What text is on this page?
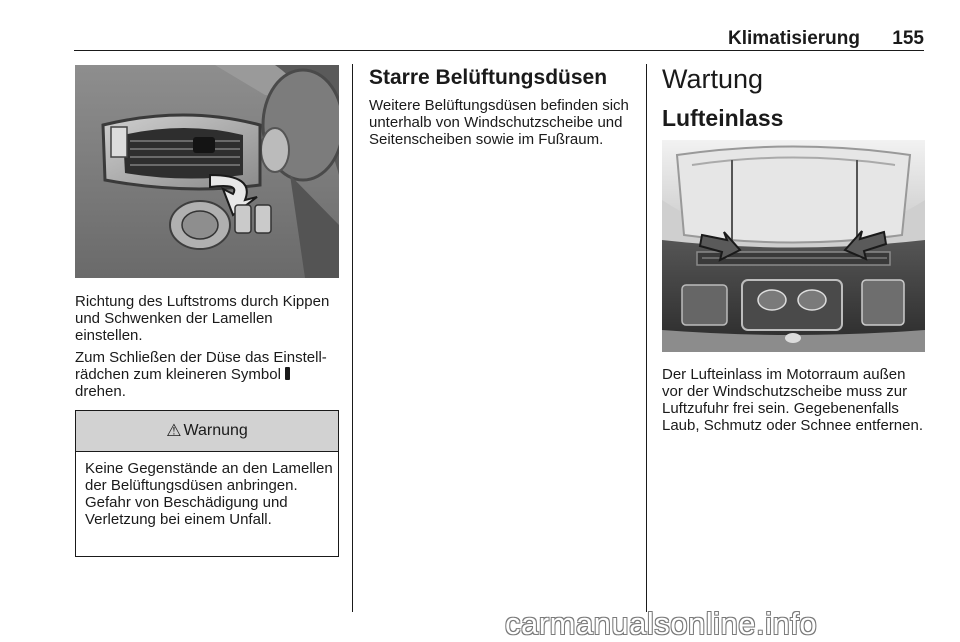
Klimatisierung	155

Richtung des Luftstroms durch Kippen und Schwenken der Lamellen einstellen.

Zum Schließen der Düse das Einstellrädchen zum kleineren Symbol
drehen.

⚠ Warnung

Keine Gegenstände an den Lamellen der Belüftungsdüsen anbringen. Gefahr von Beschädigung und Verletzung bei einem Unfall.

Starre Belüftungsdüsen

Weitere Belüftungsdüsen befinden sich unterhalb von Windschutzscheibe und Seitenscheiben sowie im Fußraum.

Wartung
Lufteinlass

Der Lufteinlass im Motorraum außen vor der Windschutzscheibe muss zur Luftzufuhr frei sein. Gegebenenfalls Laub, Schmutz oder Schnee entfernen.

carmanualsonline.info
